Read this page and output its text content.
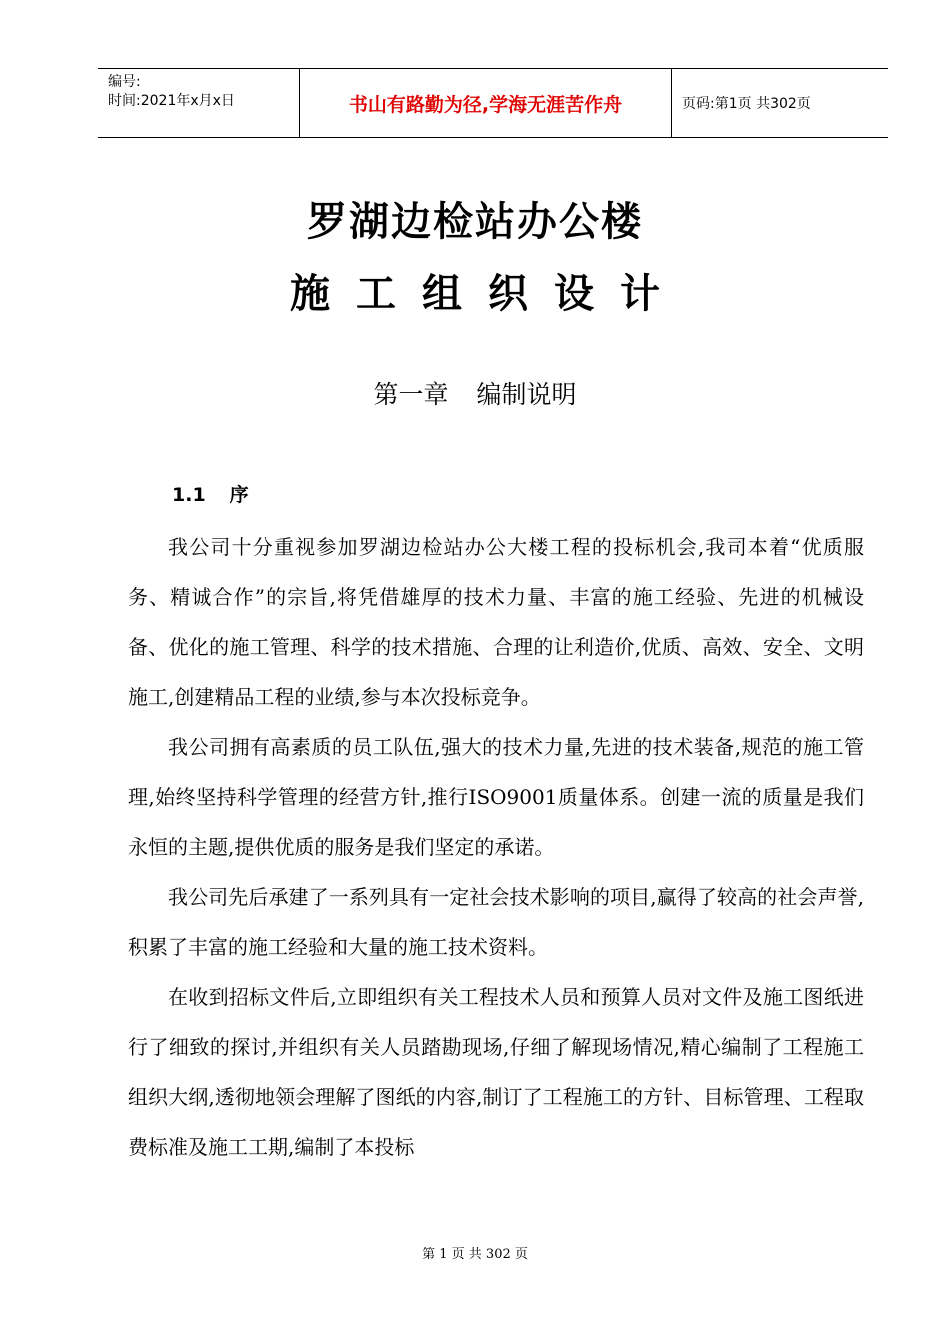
编号:
时间:2021年x月x日	书山有路勤为径,学海无涯苦作舟	页码:第1页 共302页
罗湖边检站办公楼
施工组织设计
第一章 编制说明
1.1 序

我公司十分重视参加罗湖边检站办公大楼工程的投标机会,我司本着“优质服务、精诚合作”的宗旨,将凭借雄厚的技术力量、丰富的施工经验、先进的机械设备、优化的施工管理、科学的技术措施、合理的让利造价,优质、高效、安全、文明施工,创建精品工程的业绩,参与本次投标竞争。

我公司拥有高素质的员工队伍,强大的技术力量,先进的技术装备,规范的施工管理,始终坚持科学管理的经营方针,推行ISO9001质量体系。创建一流的质量是我们永恒的主题,提供优质的服务是我们坚定的承诺。

我公司先后承建了一系列具有一定社会技术影响的项目,赢得了较高的社会声誉,积累了丰富的施工经验和大量的施工技术资料。

在收到招标文件后,立即组织有关工程技术人员和预算人员对文件及施工图纸进行了细致的探讨,并组织有关人员踏勘现场,仔细了解现场情况,精心编制了工程施工组织大纲,透彻地领会理解了图纸的内容,制订了工程施工的方针、目标管理、工程取费标准及施工工期,编制了本投标

第 1 页 共 302 页
